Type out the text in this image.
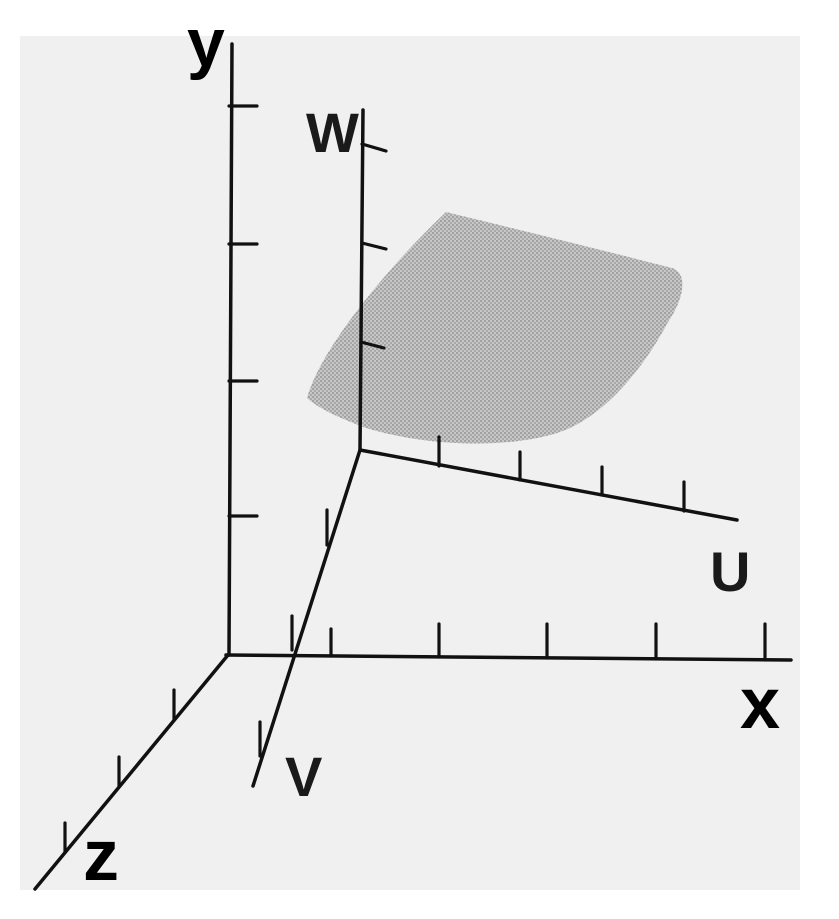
y
x
z
W
U
V
